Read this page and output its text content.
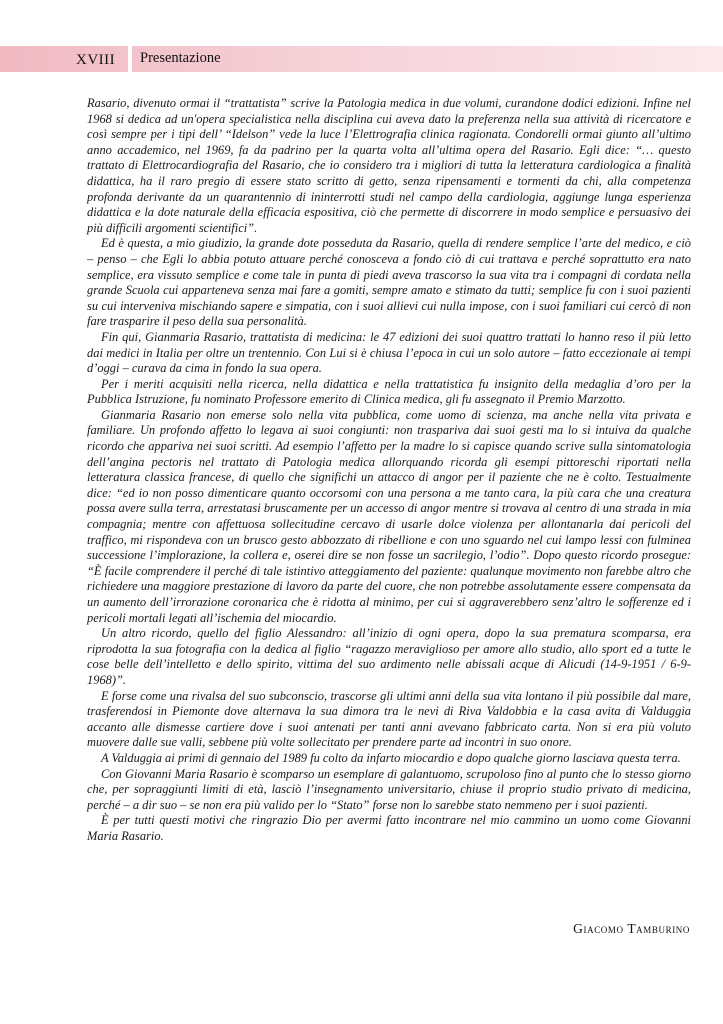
XVIII Presentazione

Rasario, divenuto ormai il “trattatista” scrive la Patologia medica in due volumi, curandone dodici edizioni. Infine nel 1968 si dedica ad un'opera specialistica nella disciplina cui aveva dato la preferenza nella sua attività di ricercatore e così sempre per i tipi dell’ “Idelson” vede la luce l’Elettrografia clinica ragionata. Condorelli ormai giunto all’ultimo anno accademico, nel 1969, fa da padrino per la quarta volta all’ultima opera del Rasario. Egli dice: “… questo trattato di Elettrocardiografia del Rasario, che io considero tra i migliori di tutta la letteratura cardiologica a finalità didattica, ha il raro pregio di essere stato scritto di getto, senza ripensamenti e tormenti da chi, alla competenza profonda derivante da un quarantennio di ininterrotti studi nel campo della cardiologia, aggiunge lunga esperienza didattica e la dote naturale della efficacia espositiva, ciò che permette di discorrere in modo semplice e persuasivo dei più difficili argomenti scientifici”.

Ed è questa, a mio giudizio, la grande dote posseduta da Rasario, quella di rendere semplice l’arte del medico, e ciò – penso – che Egli lo abbia potuto attuare perché conosceva a fondo ciò di cui trattava e perché soprattutto era nato semplice, era vissuto semplice e come tale in punta di piedi aveva trascorso la sua vita tra i compagni di cordata nella grande Scuola cui apparteneva senza mai fare a gomiti, sempre amato e stimato da tutti; semplice fu con i suoi pazienti su cui interveniva mischiando sapere e simpatia, con i suoi allievi cui nulla impose, con i suoi familiari cui cercò di non fare trasparire il peso della sua personalità.

Fin qui, Gianmaria Rasario, trattatista di medicina: le 47 edizioni dei suoi quattro trattati lo hanno reso il più letto dai medici in Italia per oltre un trentennio. Con Lui si è chiusa l’epoca in cui un solo autore – fatto eccezionale ai tempi d’oggi – curava da cima in fondo la sua opera.

Per i meriti acquisiti nella ricerca, nella didattica e nella trattatistica fu insignito della medaglia d’oro per la Pubblica Istruzione, fu nominato Professore emerito di Clinica medica, gli fu assegnato il Premio Marzotto.

Gianmaria Rasario non emerse solo nella vita pubblica, come uomo di scienza, ma anche nella vita privata e familiare. Un profondo affetto lo legava ai suoi congiunti: non traspariva dai suoi gesti ma lo si intuiva da qualche ricordo che appariva nei suoi scritti. Ad esempio l’affetto per la madre lo si capisce quando scrive sulla sintomatologia dell’angina pectoris nel trattato di Patologia medica allorquando ricorda gli esempi pittoreschi riportati nella letteratura classica francese, di quello che significhi un attacco di angor per il paziente che ne è colto. Testualmente dice: “ed io non posso dimenticare quanto occorsomi con una persona a me tanto cara, la più cara che una creatura possa avere sulla terra, arrestatasi bruscamente per un accesso di angor mentre si trovava al centro di una strada in mia compagnia; mentre con affettuosa sollecitudine cercavo di usarle dolce violenza per allontanarla dai pericoli del traffico, mi rispondeva con un brusco gesto abbozzato di ribellione e con uno sguardo nel cui lampo lessi con fulminea successione l’implorazione, la collera e, oserei dire se non fosse un sacrilegio, l’odio”. Dopo questo ricordo prosegue: “È facile comprendere il perché di tale istintivo atteggiamento del paziente: qualunque movimento non farebbe altro che richiedere una maggiore prestazione di lavoro da parte del cuore, che non potrebbe assolutamente essere compensata da un aumento dell’irrorazione coronarica che è ridotta al minimo, per cui si aggraverebbero senz’altro le sofferenze ed i pericoli mortali legati all’ischemia del miocardio.

Un altro ricordo, quello del figlio Alessandro: all’inizio di ogni opera, dopo la sua prematura scomparsa, era riprodotta la sua fotografia con la dedica al figlio “ragazzo meraviglioso per amore allo studio, allo sport ed a tutte le cose belle dell’intelletto e dello spirito, vittima del suo ardimento nelle abissali acque di Alicudi (14-9-1951 / 6-9-1968)”.

E forse come una rivalsa del suo subconscio, trascorse gli ultimi anni della sua vita lontano il più possibile dal mare, trasferendosi in Piemonte dove alternava la sua dimora tra le nevi di Riva Valdobbia e la casa avita di Valduggia accanto alle dismesse cartiere dove i suoi antenati per tanti anni avevano fabbricato carta. Non si era più voluto muovere dalle sue valli, sebbene più volte sollecitato per prendere parte ad incontri in suo onore.

A Valduggia ai primi di gennaio del 1989 fu colto da infarto miocardio e dopo qualche giorno lasciava questa terra.

Con Giovanni Maria Rasario è scomparso un esemplare di galantuomo, scrupoloso fino al punto che lo stesso giorno che, per sopraggiunti limiti di età, lasciò l’insegnamento universitario, chiuse il proprio studio privato di medicina, perché – a dir suo – se non era più valido per lo “Stato” forse non lo sarebbe stato nemmeno per i suoi pazienti.

È per tutti questi motivi che ringrazio Dio per avermi fatto incontrare nel mio cammino un uomo come Giovanni Maria Rasario.

Giacomo Tamburino
